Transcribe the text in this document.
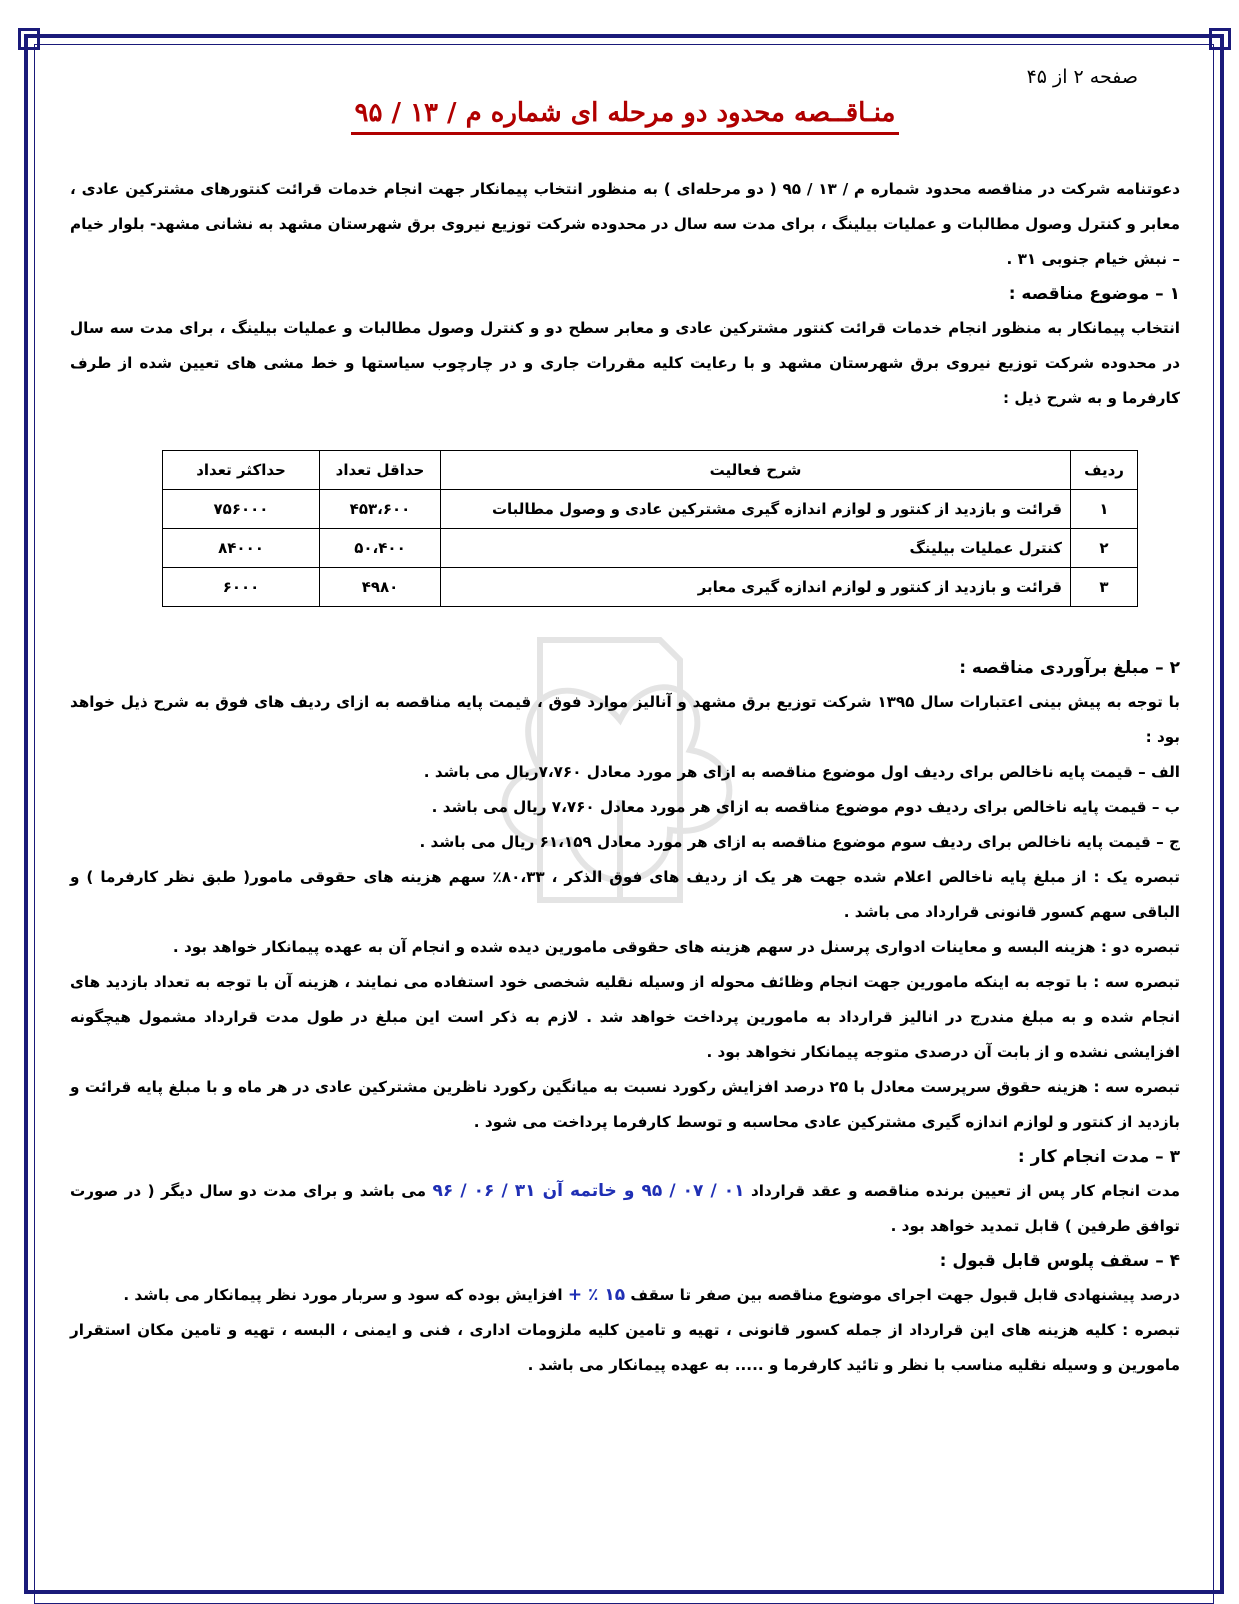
صفحه ۲ از ۴۵
منـاقــصه محدود دو مرحله ای شماره م / ۱۳ / ۹۵

دعوتنامه شرکت در مناقصه محدود شماره م / ۱۳ / ۹۵ ( دو مرحله‌ای ) به منظور انتخاب پیمانکار جهت انجام خدمات قرائت کنتورهای مشترکین عادی ، معابر و کنترل وصول مطالبات و عملیات بیلینگ ، برای مدت سه سال در محدوده شرکت توزیع نیروی برق شهرستان مشهد به نشانی مشهد- بلوار خیام – نبش خیام جنوبی ۳۱ .

۱ – موضوع مناقصه :

انتخاب پیمانکار به منظور انجام خدمات قرائت کنتور مشترکین عادی و معابر سطح دو و کنترل وصول مطالبات و عملیات بیلینگ ، برای مدت سه سال در محدوده شرکت توزیع نیروی برق شهرستان مشهد و با رعایت کلیه مقررات جاری و در چارچوب سیاستها و خط مشی های تعیین شده از طرف کارفرما و به شرح ذیل :

ردیف	شرح فعالیت	حداقل تعداد	حداکثر تعداد
۱	قرائت و بازدید از کنتور و لوازم اندازه گیری مشترکین عادی و وصول مطالبات	۴۵۳،۶۰۰	۷۵۶۰۰۰
۲	کنترل عملیات بیلینگ	۵۰،۴۰۰	۸۴۰۰۰
۳	قرائت و بازدید از کنتور و لوازم اندازه گیری معابر	۴۹۸۰	۶۰۰۰
۲ – مبلغ برآوردی مناقصه :

با توجه به پیش بینی اعتبارات سال ۱۳۹۵ شرکت توزیع برق مشهد و آنالیز موارد فوق ، قیمت پایه مناقصه به ازای ردیف های فوق به شرح ذیل خواهد بود :

الف – قیمت پایه ناخالص برای ردیف اول موضوع مناقصه به ازای هر مورد معادل ۷،۷۶۰ریال می باشد .

ب – قیمت پایه ناخالص برای ردیف دوم موضوع مناقصه به ازای هر مورد معادل ۷،۷۶۰ ریال می باشد .

ج – قیمت پایه ناخالص برای ردیف سوم موضوع مناقصه به ازای هر مورد معادل ۶۱،۱۵۹ ریال می باشد .

تبصره یک : از مبلغ پایه ناخالص اعلام شده جهت هر یک از ردیف های فوق الذکر ، ۸۰،۳۳٪ سهم هزینه های حقوقی مامور( طبق نظر کارفرما ) و الباقی سهم کسور قانونی قرارداد می باشد .

تبصره دو : هزینه البسه و معاینات ادواری پرسنل در سهم هزینه های حقوقی مامورین دیده شده و انجام آن به عهده پیمانکار خواهد بود .

تبصره سه : با توجه به اینکه مامورین جهت انجام وظائف محوله از وسیله نقلیه شخصی خود استفاده می نمایند ، هزینه آن با توجه به تعداد بازدید های انجام شده و به مبلغ مندرج در انالیز قرارداد به مامورین پرداخت خواهد شد . لازم به ذکر است این مبلغ در طول مدت قرارداد مشمول هیچگونه افزایشی نشده و از بابت آن درصدی متوجه پیمانکار نخواهد بود .

تبصره سه : هزینه حقوق سرپرست معادل با ۲۵ درصد افزایش رکورد نسبت به میانگین رکورد ناظرین مشترکین عادی در هر ماه و با مبلغ پایه قرائت و بازدید از کنتور و لوازم اندازه گیری مشترکین عادی محاسبه و توسط کارفرما پرداخت می شود .

۳ – مدت انجام کار :

مدت انجام کار پس از تعیین برنده مناقصه و عقد قرارداد ۰۱ / ۰۷ / ۹۵ و خاتمه آن ۳۱ / ۰۶ / ۹۶ می باشد و برای مدت دو سال دیگر ( در صورت توافق طرفین ) قابل تمدید خواهد بود .

۴ – سقف پلوس قابل قبول :

درصد پیشنهادی قابل قبول جهت اجرای موضوع مناقصه بین صفر تا سقف ۱۵ ٪ + افزایش بوده که سود و سربار مورد نظر پیمانکار می باشد .

تبصره : کلیه هزینه های این قرارداد از جمله کسور قانونی ، تهیه و تامین کلیه ملزومات اداری ، فنی و ایمنی ، البسه ، تهیه و تامین مکان استقرار مامورین و وسیله نقلیه مناسب با نظر و تائید کارفرما و ..... به عهده پیمانکار می باشد .
